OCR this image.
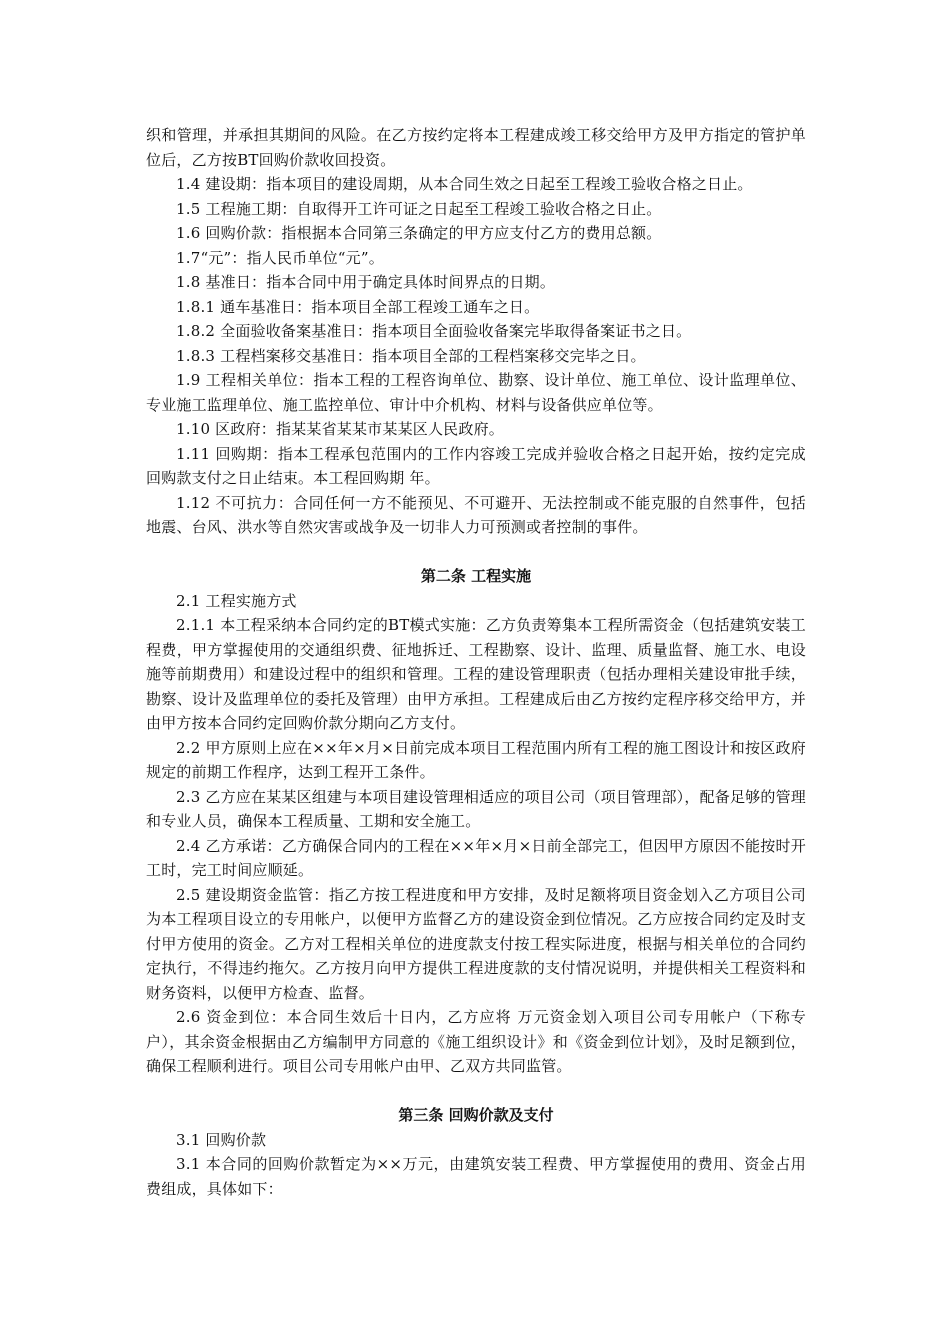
织和管理，并承担其期间的风险。在乙方按约定将本工程建成竣工移交给甲方及甲方指定的管护单位后，乙方按BT回购价款收回投资。

1.4 建设期：指本项目的建设周期，从本合同生效之日起至工程竣工验收合格之日止。

1.5 工程施工期：自取得开工许可证之日起至工程竣工验收合格之日止。

1.6 回购价款：指根据本合同第三条确定的甲方应支付乙方的费用总额。

1.7“元”：指人民币单位“元”。

1.8 基准日：指本合同中用于确定具体时间界点的日期。

1.8.1 通车基准日：指本项目全部工程竣工通车之日。

1.8.2 全面验收备案基准日：指本项目全面验收备案完毕取得备案证书之日。

1.8.3 工程档案移交基准日：指本项目全部的工程档案移交完毕之日。

1.9 工程相关单位：指本工程的工程咨询单位、勘察、设计单位、施工单位、设计监理单位、专业施工监理单位、施工监控单位、审计中介机构、材料与设备供应单位等。

1.10 区政府：指某某省某某市某某区人民政府。

1.11 回购期：指本工程承包范围内的工作内容竣工完成并验收合格之日起开始，按约定完成回购款支付之日止结束。本工程回购期 年。

1.12 不可抗力：合同任何一方不能预见、不可避开、无法控制或不能克服的自然事件，包括地震、台风、洪水等自然灾害或战争及一切非人力可预测或者控制的事件。

第二条 工程实施

2.1 工程实施方式

2.1.1 本工程采纳本合同约定的BT模式实施：乙方负责筹集本工程所需资金（包括建筑安装工程费，甲方掌握使用的交通组织费、征地拆迁、工程勘察、设计、监理、质量监督、施工水、电设施等前期费用）和建设过程中的组织和管理。工程的建设管理职责（包括办理相关建设审批手续，勘察、设计及监理单位的委托及管理）由甲方承担。工程建成后由乙方按约定程序移交给甲方，并由甲方按本合同约定回购价款分期向乙方支付。

2.2 甲方原则上应在××年×月×日前完成本项目工程范围内所有工程的施工图设计和按区政府规定的前期工作程序，达到工程开工条件。

2.3 乙方应在某某区组建与本项目建设管理相适应的项目公司（项目管理部），配备足够的管理和专业人员，确保本工程质量、工期和安全施工。

2.4 乙方承诺：乙方确保合同内的工程在××年×月×日前全部完工，但因甲方原因不能按时开工时，完工时间应顺延。

2.5 建设期资金监管：指乙方按工程进度和甲方安排，及时足额将项目资金划入乙方项目公司为本工程项目设立的专用帐户，以便甲方监督乙方的建设资金到位情况。乙方应按合同约定及时支付甲方使用的资金。乙方对工程相关单位的进度款支付按工程实际进度，根据与相关单位的合同约定执行，不得违约拖欠。乙方按月向甲方提供工程进度款的支付情况说明，并提供相关工程资料和财务资料，以便甲方检查、监督。

2.6 资金到位：本合同生效后十日内，乙方应将 万元资金划入项目公司专用帐户（下称专户），其余资金根据由乙方编制甲方同意的《施工组织设计》和《资金到位计划》，及时足额到位，确保工程顺利进行。项目公司专用帐户由甲、乙双方共同监管。

第三条 回购价款及支付

3.1 回购价款

3.1 本合同的回购价款暂定为××万元，由建筑安装工程费、甲方掌握使用的费用、资金占用费组成，具体如下：
